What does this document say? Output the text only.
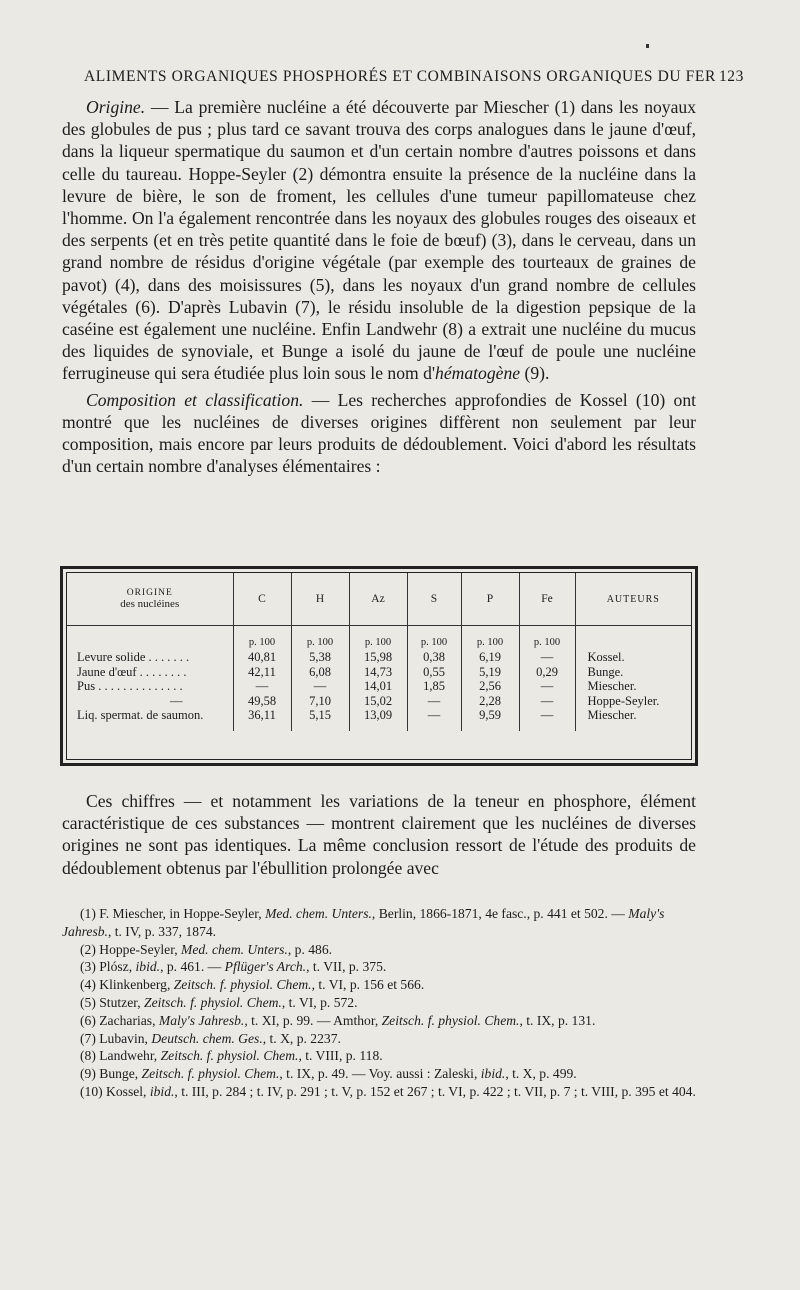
ALIMENTS ORGANIQUES PHOSPHORÉS ET COMBINAISONS ORGANIQUES DU FER 123

Origine. — La première nucléine a été découverte par Miescher (1) dans les noyaux des globules de pus ; plus tard ce savant trouva des corps analogues dans le jaune d'œuf, dans la liqueur spermatique du saumon et d'un certain nombre d'autres poissons et dans celle du taureau. Hoppe-Seyler (2) démontra ensuite la présence de la nucléine dans la levure de bière, le son de froment, les cellules d'une tumeur papillomateuse chez l'homme. On l'a également rencontrée dans les noyaux des globules rouges des oiseaux et des serpents (et en très petite quantité dans le foie de bœuf) (3), dans le cerveau, dans un grand nombre de résidus d'origine végétale (par exemple des tourteaux de graines de pavot) (4), dans des moisissures (5), dans les noyaux d'un grand nombre de cellules végétales (6). D'après Lubavin (7), le résidu insoluble de la digestion pepsique de la caséine est également une nucléine. Enfin Landwehr (8) a extrait une nucléine du mucus des liquides de synoviale, et Bunge a isolé du jaune de l'œuf de poule une nucléine ferrugineuse qui sera étudiée plus loin sous le nom d'hématogène (9).

Composition et classification. — Les recherches approfondies de Kossel (10) ont montré que les nucléines de diverses origines diffèrent non seulement par leur composition, mais encore par leurs produits de dédoublement. Voici d'abord les résultats d'un certain nombre d'analyses élémentaires :

ORIGINE
des nucléines	C	H	Az	S	P	Fe	AUTEURS
	p. 100	p. 100	p. 100	p. 100	p. 100	p. 100	
Levure solide . . . . . . .	40,81	5,38	15,98	0,38	6,19	—	Kossel.
Jaune d'œuf . . . . . . . .	42,11	6,08	14,73	0,55	5,19	0,29	Bunge.
Pus . . . . . . . . . . . . . .	—	—	14,01	1,85	2,56	—	Miescher.
—	49,58	7,10	15,02	—	2,28	—	Hoppe-Seyler.
Liq. spermat. de saumon.	36,11	5,15	13,09	—	9,59	—	Miescher.

Ces chiffres — et notamment les variations de la teneur en phosphore, élément caractéristique de ces substances — montrent clairement que les nucléines de diverses origines ne sont pas identiques. La même conclusion ressort de l'étude des produits de dédoublement obtenus par l'ébullition prolongée avec

(1) F. Miescher, in Hoppe-Seyler, Med. chem. Unters., Berlin, 1866-1871, 4e fasc., p. 441 et 502. — Maly's Jahresb., t. IV, p. 337, 1874.

(2) Hoppe-Seyler, Med. chem. Unters., p. 486.

(3) Plósz, ibid., p. 461. — Pflüger's Arch., t. VII, p. 375.

(4) Klinkenberg, Zeitsch. f. physiol. Chem., t. VI, p. 156 et 566.

(5) Stutzer, Zeitsch. f. physiol. Chem., t. VI, p. 572.

(6) Zacharias, Maly's Jahresb., t. XI, p. 99. — Amthor, Zeitsch. f. physiol. Chem., t. IX, p. 131.

(7) Lubavin, Deutsch. chem. Ges., t. X, p. 2237.

(8) Landwehr, Zeitsch. f. physiol. Chem., t. VIII, p. 118.

(9) Bunge, Zeitsch. f. physiol. Chem., t. IX, p. 49. — Voy. aussi : Zaleski, ibid., t. X, p. 499.

(10) Kossel, ibid., t. III, p. 284 ; t. IV, p. 291 ; t. V, p. 152 et 267 ; t. VI, p. 422 ; t. VII, p. 7 ; t. VIII, p. 395 et 404.
